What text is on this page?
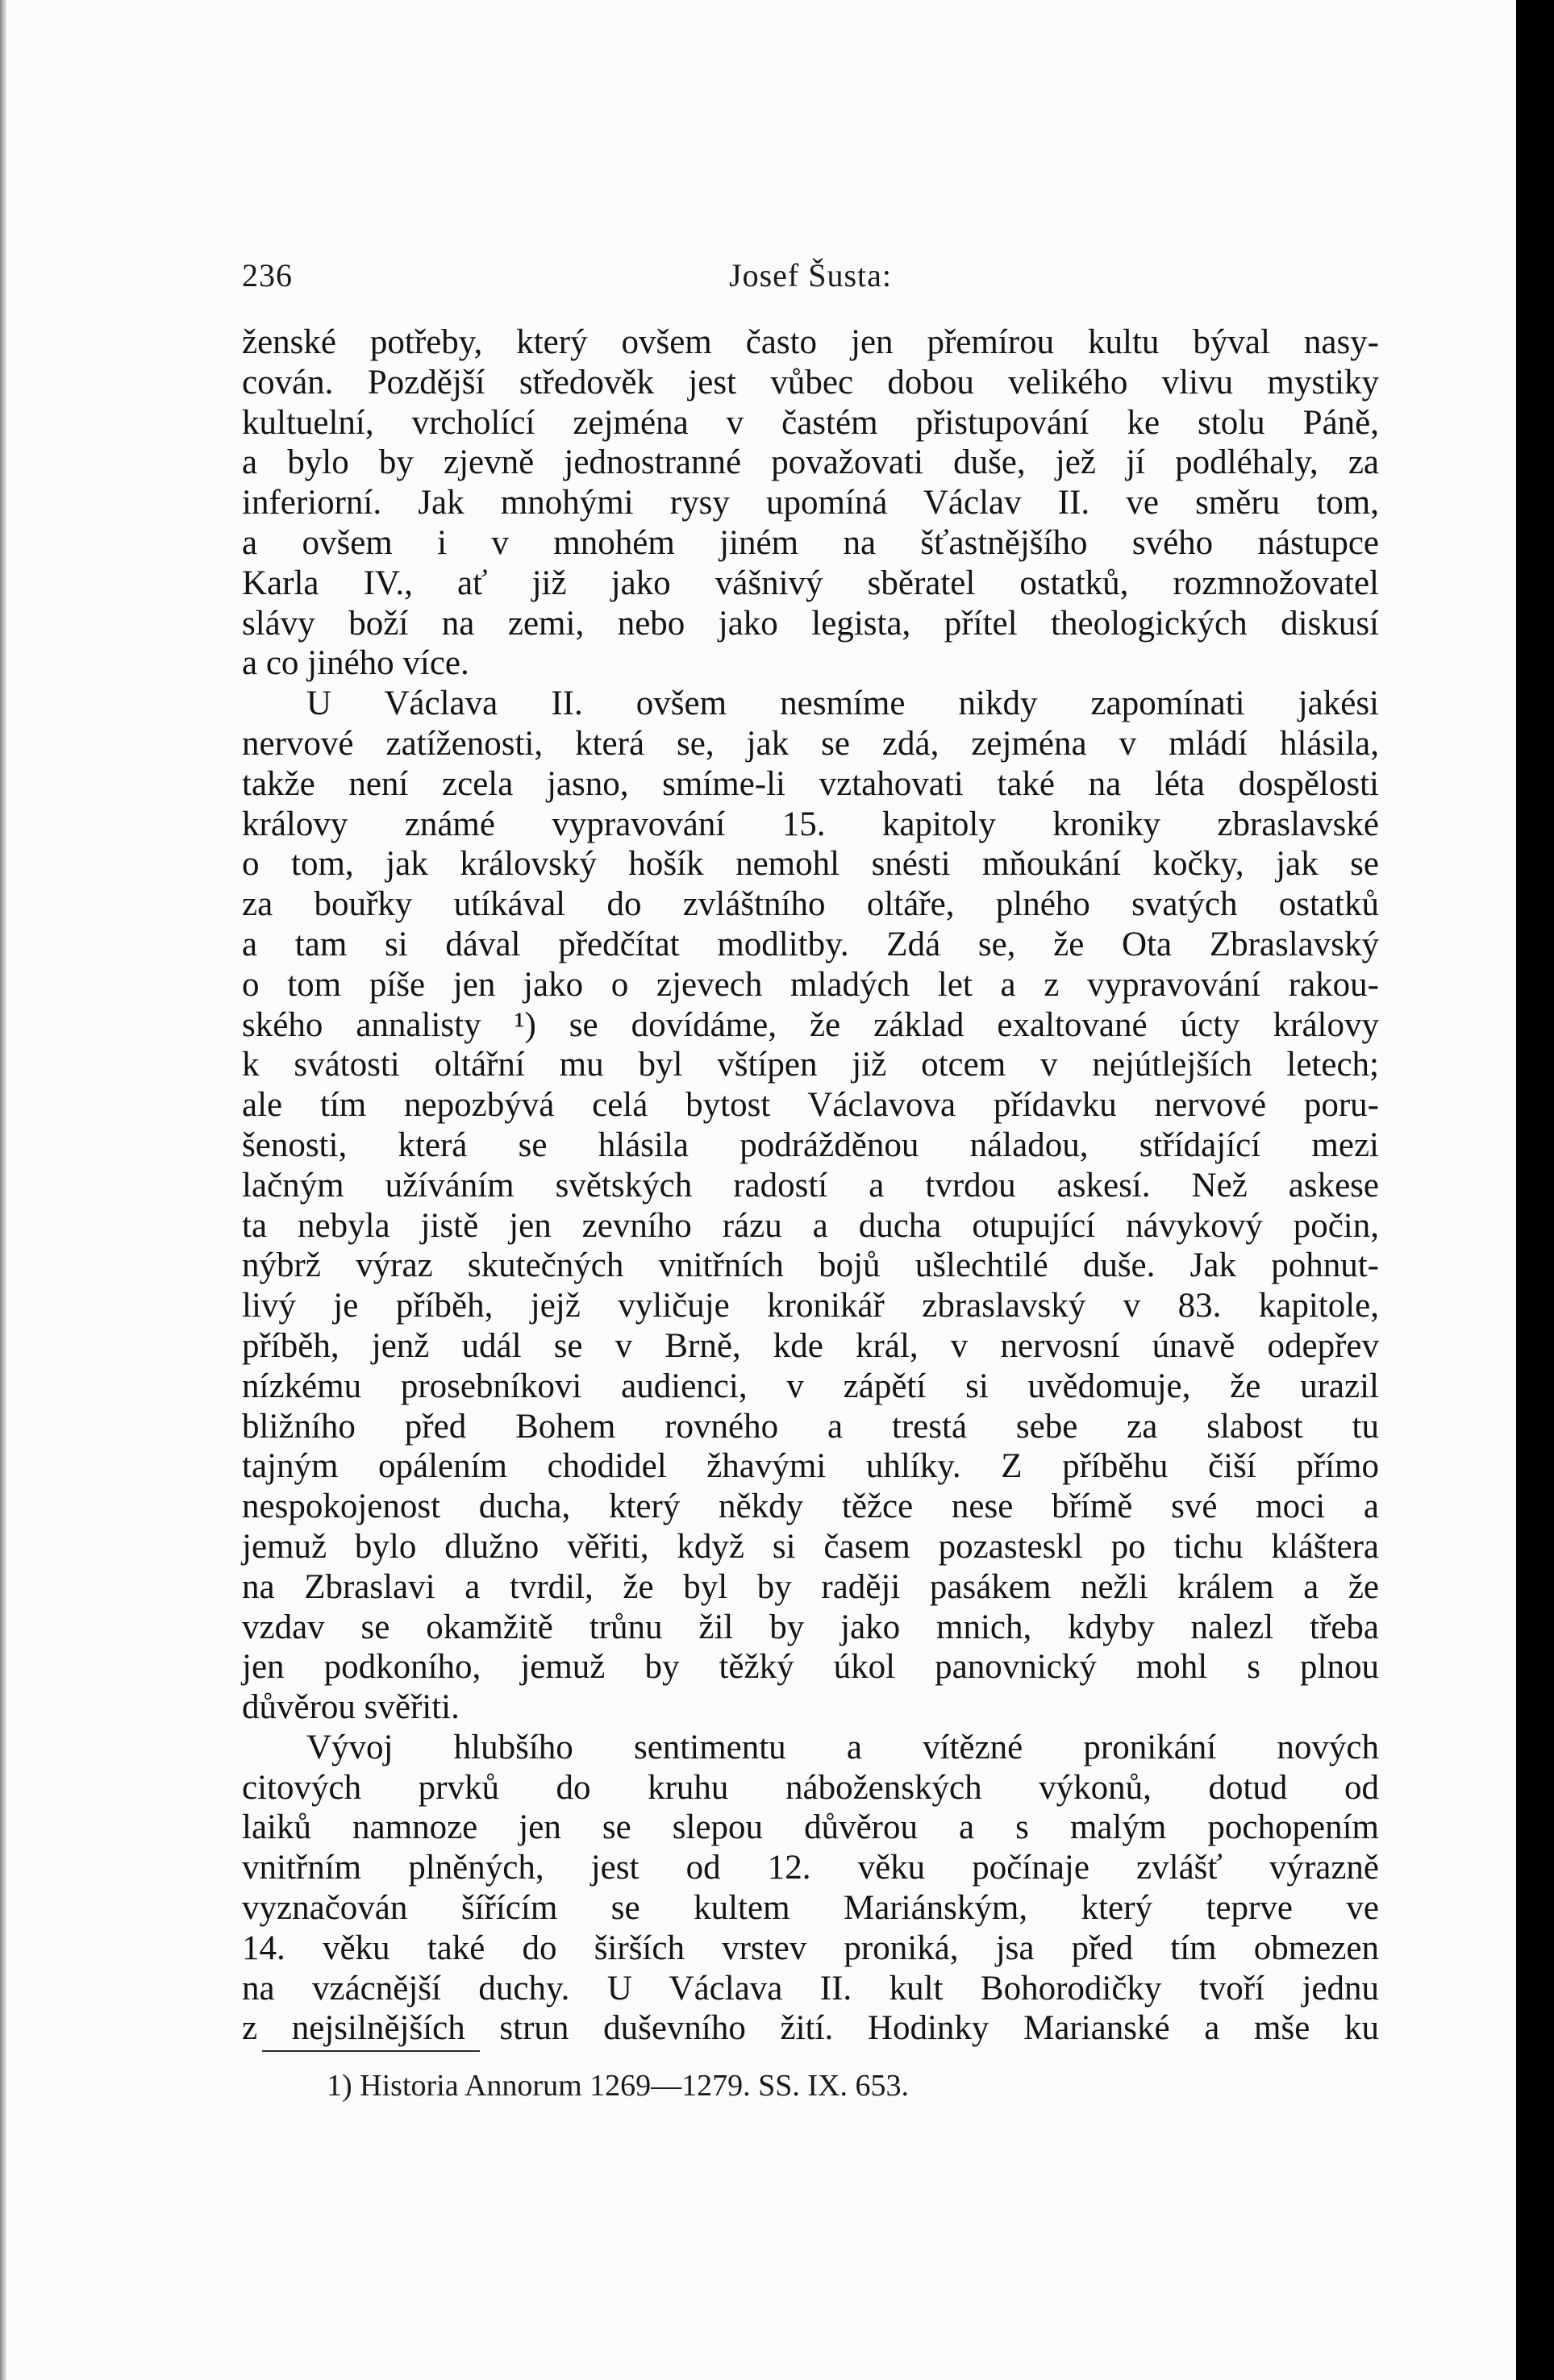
236	Josef Šusta:
ženské potřeby, který ovšem často jen přemírou kultu býval nasy-
cován. Pozdější středověk jest vůbec dobou velikého vlivu mystiky
kultuelní, vrcholící zejména v častém přistupování ke stolu Páně,
a bylo by zjevně jednostranné považovati duše, jež jí podléhaly, za
inferiorní. Jak mnohými rysy upomíná Václav II. ve směru tom,
a ovšem i v mnohém jiném na šťastnějšího svého nástupce
Karla IV., ať již jako vášnivý sběratel ostatků, rozmnožovatel
slávy boží na zemi, nebo jako legista, přítel theologických diskusí
a co jiného více.
U Václava II. ovšem nesmíme nikdy zapomínati jakési
nervové zatíženosti, která se, jak se zdá, zejména v mládí hlásila,
takže není zcela jasno, smíme-li vztahovati také na léta dospělosti
královy známé vypravování 15. kapitoly kroniky zbraslavské
o tom, jak královský hošík nemohl snésti mňoukání kočky, jak se
za bouřky utíkával do zvláštního oltáře, plného svatých ostatků
a tam si dával předčítat modlitby. Zdá se, že Ota Zbraslavský
o tom píše jen jako o zjevech mladých let a z vypravování rakou-
ského annalisty ¹) se dovídáme, že základ exaltované úcty královy
k svátosti oltářní mu byl vštípen již otcem v nejútlejších letech;
ale tím nepozbývá celá bytost Václavova přídavku nervové poru-
šenosti, která se hlásila podrážděnou náladou, střídající mezi
lačným užíváním světských radostí a tvrdou askesí. Než askese
ta nebyla jistě jen zevního rázu a ducha otupující návykový počin,
nýbrž výraz skutečných vnitřních bojů ušlechtilé duše. Jak pohnut-
livý je příběh, jejž vyličuje kronikář zbraslavský v 83. kapitole,
příběh, jenž udál se v Brně, kde král, v nervosní únavě odepřev
nízkému prosebníkovi audienci, v zápětí si uvědomuje, že urazil
bližního před Bohem rovného a trestá sebe za slabost tu
tajným opálením chodidel žhavými uhlíky. Z příběhu čiší přímo
nespokojenost ducha, který někdy těžce nese břímě své moci a
jemuž bylo dlužno věřiti, když si časem pozasteskl po tichu kláštera
na Zbraslavi a tvrdil, že byl by raději pasákem nežli králem a že
vzdav se okamžitě trůnu žil by jako mnich, kdyby nalezl třeba
jen podkoního, jemuž by těžký úkol panovnický mohl s plnou
důvěrou svěřiti.
Vývoj hlubšího sentimentu a vítězné pronikání nových
citových prvků do kruhu náboženských výkonů, dotud od
laiků namnoze jen se slepou důvěrou a s malým pochopením
vnitřním plněných, jest od 12. věku počínaje zvlášť výrazně
vyznačován šířícím se kultem Mariánským, který teprve ve
14. věku také do širších vrstev proniká, jsa před tím obmezen
na vzácnější duchy. U Václava II. kult Bohorodičky tvoří jednu
z nejsilnějších strun duševního žití. Hodinky Marianské a mše ku
1) Historia Annorum 1269—1279. SS. IX. 653.
